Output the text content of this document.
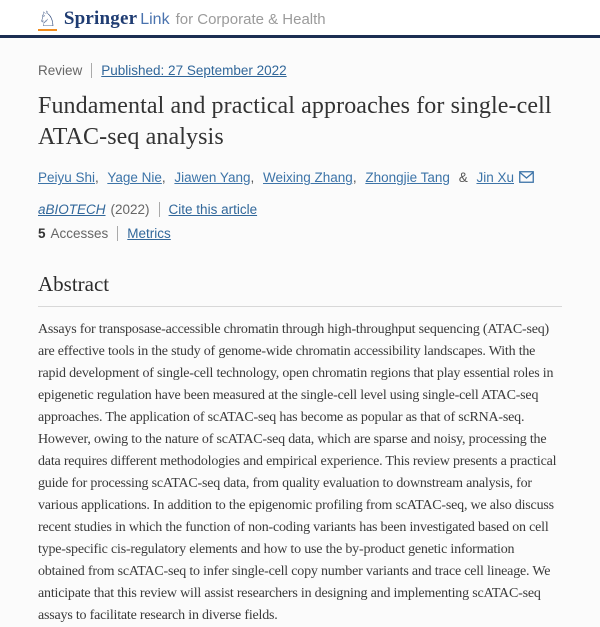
♘ Springer Link for Corporate & Health
Review Published: 27 September 2022
Fundamental and practical approaches for single-cell ATAC-seq analysis

Peiyu Shi, Yage Nie, Jiawen Yang, Weixing Zhang, Zhongjie Tang & Jin Xu

aBIOTECH (2022) Cite this article
5 Accesses Metrics
Abstract

Assays for transposase-accessible chromatin through high-throughput sequencing (ATAC-seq) are effective tools in the study of genome-wide chromatin accessibility landscapes. With the rapid development of single-cell technology, open chromatin regions that play essential roles in epigenetic regulation have been measured at the single-cell level using single-cell ATAC-seq approaches. The application of scATAC-seq has become as popular as that of scRNA-seq. However, owing to the nature of scATAC-seq data, which are sparse and noisy, processing the data requires different methodologies and empirical experience. This review presents a practical guide for processing scATAC-seq data, from quality evaluation to downstream analysis, for various applications. In addition to the epigenomic profiling from scATAC-seq, we also discuss recent studies in which the function of non-coding variants has been investigated based on cell type-specific cis-regulatory elements and how to use the by-product genetic information obtained from scATAC-seq to infer single-cell copy number variants and trace cell lineage. We anticipate that this review will assist researchers in designing and implementing scATAC-seq assays to facilitate research in diverse fields.
